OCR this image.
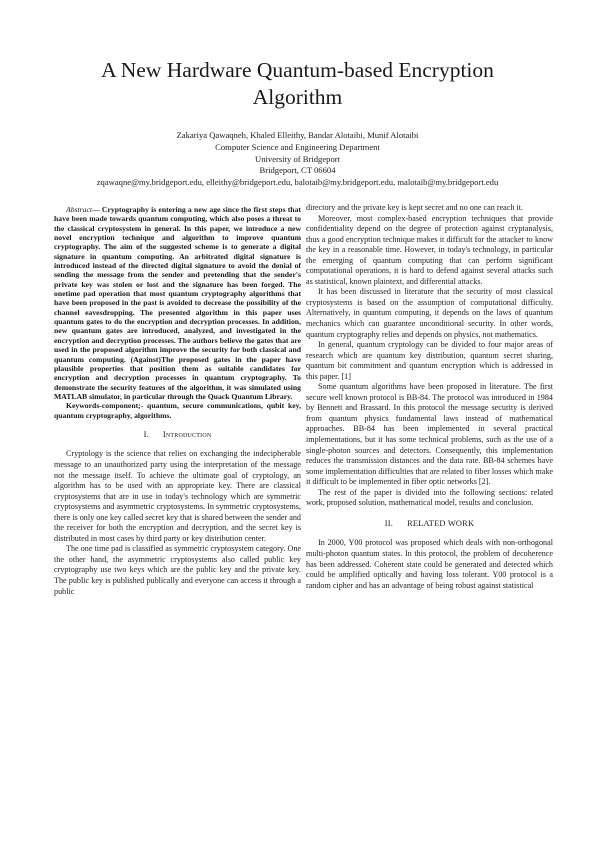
A New Hardware Quantum-based Encryption
Algorithm
Zakariya Qawaqneh, Khaled Elleithy, Bandar Alotaibi, Munif Alotaibi
Computer Science and Engineering Department
University of Bridgeport
Bridgeport, CT 06604
zqawaqne@my.bridgeport.edu, elleithy@bridgeport.edu, balotaib@my.bridgeport.edu, malotaib@my.bridgeport.edu

Abstract— Cryptography is entering a new age since the first steps that have been made towards quantum computing, which also poses a threat to the classical cryptosystem in general. In this paper, we introduce a new novel encryption technique and algorithm to improve quantum cryptography. The aim of the suggested scheme is to generate a digital signature in quantum computing. An arbitrated digital signature is introduced instead of the directed digital signature to avoid the denial of sending the message from the sender and pretending that the sender's private key was stolen or lost and the signature has been forged. The onetime pad operation that most quantum cryptography algorithms that have been proposed in the past is avoided to decrease the possibility of the channel eavesdropping. The presented algorithm in this paper uses quantum gates to do the encryption and decryption processes. In addition, new quantum gates are introduced, analyzed, and investigated in the encryption and decryption processes. The authors believe the gates that are used in the proposed algorithm improve the security for both classical and quantum computing. (Against)The proposed gates in the paper have plausible properties that position them as suitable candidates for encryption and decryption processes in quantum cryptography. To demonstrate the security features of the algorithm, it was simulated using MATLAB simulator, in particular through the Quack Quantum Library.

Keywords-component;- quantum, secure communications, qubit key, quantum cryptography, algorithms.

I. Introduction

Cryptology is the science that relies on exchanging the indecipherable message to an unauthorized party using the interpretation of the message not the message itself. To achieve the ultimate goal of cryptology, an algorithm has to be used with an appropriate key. There are classical cryptosystems that are in use in today's technology which are symmetric cryptosystems and asymmetric cryptosystems. In symmetric cryptosystems, there is only one key called secret key that is shared between the sender and the receiver for both the encryption and decryption, and the secret key is distributed in most cases by third party or key distribution center.

The one time pad is classified as symmetric cryptosystem category. One the other hand, the asymmetric cryptosystems also called public key cryptography use two keys which are the public key and the private key. The public key is published publically and everyone can access it through a public

directory and the private key is kept secret and no one can reach it.

Moreover, most complex-based encryption techniques that provide confidentiality depend on the degree of protection against cryptanalysis, thus a good encryption technique makes it difficult for the attacker to know the key in a reasonable time. However, in today's technology, in particular the emerging of quantum computing that can perform significant computational operations, it is hard to defend against several attacks such as statistical, known plaintext, and differential attacks.

It has been discussed in literature that the security of most classical cryptosystems is based on the assumption of computational difficulty. Alternatively, in quantum computing, it depends on the laws of quantum mechanics which can guarantee unconditional security. In other words, quantum cryptography relies and depends on physics, not mathematics.

In general, quantum cryptology can be divided to four major areas of research which are quantum key distribution, quantum secret sharing, quantum bit commitment and quantum encryption which is addressed in this paper. [1]

Some quantum algorithms have been proposed in literature. The first secure well known protocol is BB-84. The protocol was introduced in 1984 by Bennett and Brassard. In this protocol the message security is derived from quantum physics fundamental laws instead of mathematical approaches. BB-84 has been implemented in several practical implementations, but it has some technical problems, such as the use of a single-photon sources and detectors. Consequently, this implementation reduces the transmission distances and the data rate. BB-84 schemes have some implementation difficulties that are related to fiber losses which make it difficult to be implemented in fiber optic networks [2].

The rest of the paper is divided into the following sections: related work, proposed solution, mathematical model, results and conclusion.

II. RELATED WORK

In 2000, Y00 protocol was proposed which deals with non-orthogonal multi-photon quantum states. In this protocol, the problem of decoherence has been addressed. Coherent state could be generated and detected which could be amplified optically and having loss tolerant. Y00 protocol is a random cipher and has an advantage of being robust against statistical
